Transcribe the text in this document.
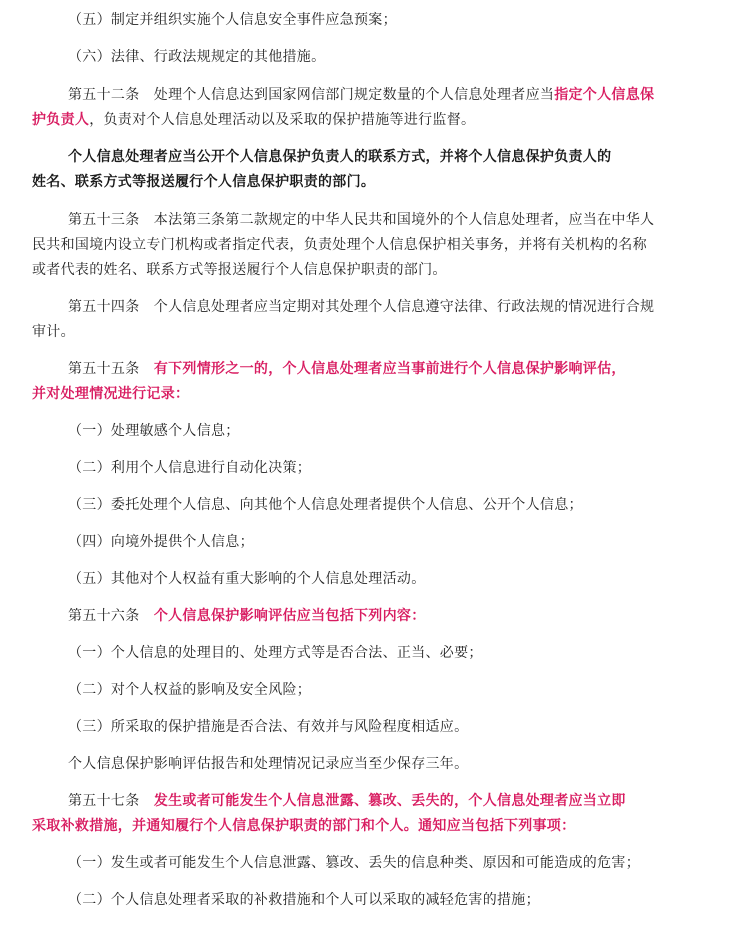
（五）制定并组织实施个人信息安全事件应急预案；
（六）法律、行政法规规定的其他措施。
第五十二条　处理个人信息达到国家网信部门规定数量的个人信息处理者应当指定个人信息保
护负责人，负责对个人信息处理活动以及采取的保护措施等进行监督。
个人信息处理者应当公开个人信息保护负责人的联系方式，并将个人信息保护负责人的
姓名、联系方式等报送履行个人信息保护职责的部门。
第五十三条　本法第三条第二款规定的中华人民共和国境外的个人信息处理者，应当在中华人
民共和国境内设立专门机构或者指定代表，负责处理个人信息保护相关事务，并将有关机构的名称
或者代表的姓名、联系方式等报送履行个人信息保护职责的部门。
第五十四条　个人信息处理者应当定期对其处理个人信息遵守法律、行政法规的情况进行合规
审计。
第五十五条　有下列情形之一的，个人信息处理者应当事前进行个人信息保护影响评估，
并对处理情况进行记录：
（一）处理敏感个人信息；
（二）利用个人信息进行自动化决策；
（三）委托处理个人信息、向其他个人信息处理者提供个人信息、公开个人信息；
（四）向境外提供个人信息；
（五）其他对个人权益有重大影响的个人信息处理活动。
第五十六条　个人信息保护影响评估应当包括下列内容：
（一）个人信息的处理目的、处理方式等是否合法、正当、必要；
（二）对个人权益的影响及安全风险；
（三）所采取的保护措施是否合法、有效并与风险程度相适应。
个人信息保护影响评估报告和处理情况记录应当至少保存三年。
第五十七条　发生或者可能发生个人信息泄露、篡改、丢失的，个人信息处理者应当立即
采取补救措施，并通知履行个人信息保护职责的部门和个人。通知应当包括下列事项：
（一）发生或者可能发生个人信息泄露、篡改、丢失的信息种类、原因和可能造成的危害；
（二）个人信息处理者采取的补救措施和个人可以采取的减轻危害的措施；
